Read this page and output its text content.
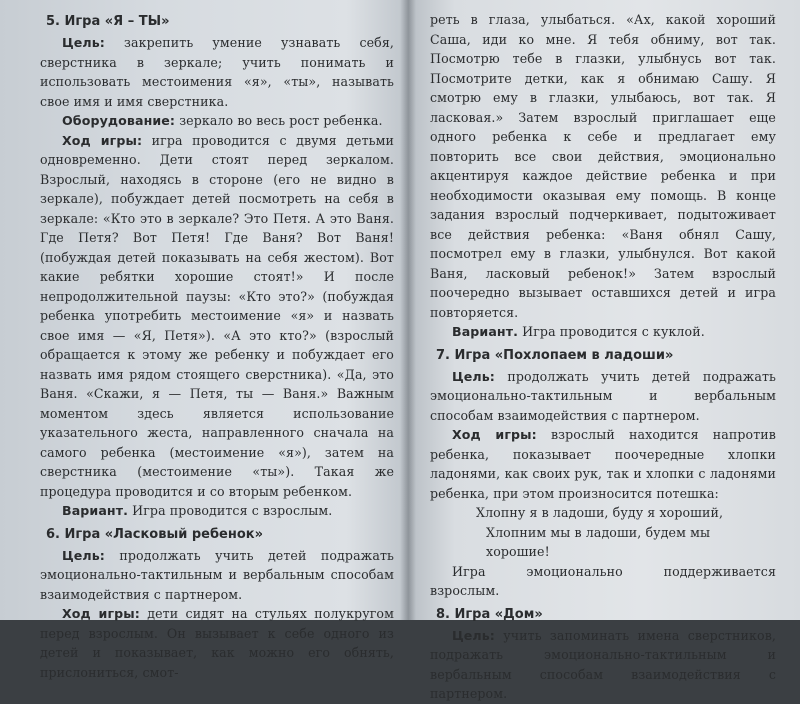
5. Игра «Я – ТЫ»

Цель: закрепить умение узнавать себя, сверстника в зеркале; учить понимать и использовать местоимения «я», «ты», называть свое имя и имя сверстника.

Оборудование: зеркало во весь рост ребенка.

Ход игры: игра проводится с двумя детьми одновременно. Дети стоят перед зеркалом. Взрослый, находясь в стороне (его не видно в зеркале), побуждает детей посмотреть на себя в зеркале: «Кто это в зеркале? Это Петя. А это Ваня. Где Петя? Вот Петя! Где Ваня? Вот Ваня! (побуждая детей показывать на себя жестом). Вот какие ребятки хорошие стоят!» И после непродолжительной паузы: «Кто это?» (побуждая ребенка употребить местоимение «я» и назвать свое имя — «Я, Петя»). «А это кто?» (взрослый обращается к этому же ребенку и побуждает его назвать имя рядом стоящего сверстника). «Да, это Ваня. «Скажи, я — Петя, ты — Ваня.» Важным моментом здесь является использование указательного жеста, направленного сначала на самого ребенка (местоимение «я»), затем на сверстника (местоимение «ты»). Такая же процедура проводится и со вторым ребенком.

Вариант. Игра проводится с взрослым.

6. Игра «Ласковый ребенок»

Цель: продолжать учить детей подражать эмоционально-тактильным и вербальным способам взаимодействия с партнером.

Ход игры: дети сидят на стульях полукругом перед взрослым. Он вызывает к себе одного из детей и показывает, как можно его обнять, прислониться, смот-

реть в глаза, улыбаться. «Ах, какой хороший Саша, иди ко мне. Я тебя обниму, вот так. Посмотрю тебе в глазки, улыбнусь вот так. Посмотрите детки, как я обнимаю Сашу. Я смотрю ему в глазки, улыбаюсь, вот так. Я ласковая.» Затем взрослый приглашает еще одного ребенка к себе и предлагает ему повторить все свои действия, эмоционально акцентируя каждое действие ребенка и при необходимости оказывая ему помощь. В конце задания взрослый подчеркивает, подытоживает все действия ребенка: «Ваня обнял Сашу, посмотрел ему в глазки, улыбнулся. Вот какой Ваня, ласковый ребенок!» Затем взрослый поочередно вызывает оставшихся детей и игра повторяется.

Вариант. Игра проводится с куклой.

7. Игра «Похлопаем в ладоши»

Цель: продолжать учить детей подражать эмоционально-тактильным и вербальным способам взаимодействия с партнером.

Ход игры: взрослый находится напротив ребенка, показывает поочередные хлопки ладонями, как своих рук, так и хлопки с ладонями ребенка, при этом произносится потешка:

Хлопну я в ладоши, буду я хороший,

Хлопним мы в ладоши, будем мы хорошие!

Игра эмоционально поддерживается взрослым.

8. Игра «Дом»

Цель: учить запоминать имена сверстников, подражать эмоционально-тактильным и вербальным способам взаимодействия с партнером.
